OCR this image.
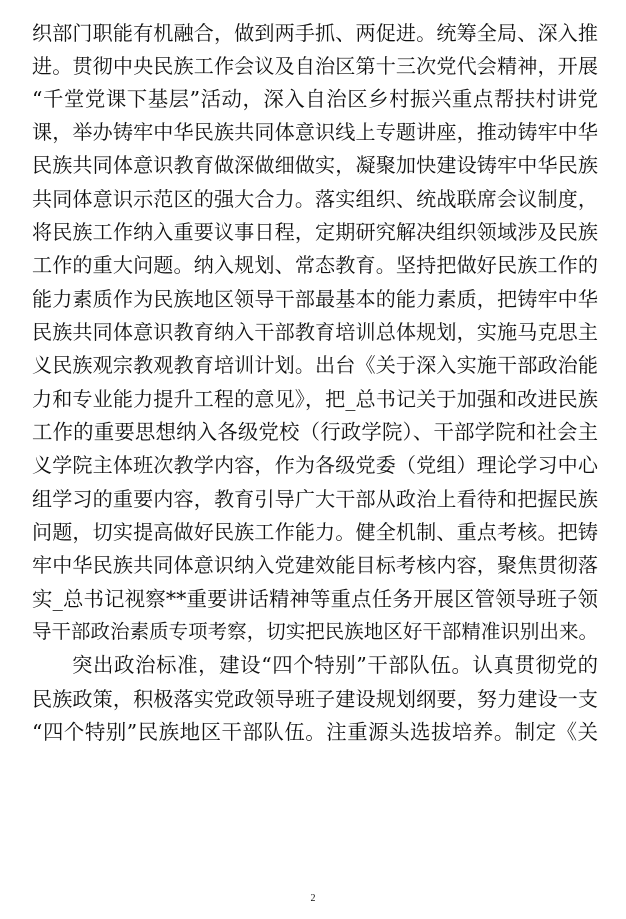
织部门职能有机融合，做到两手抓、两促进。统筹全局、深入推
进。贯彻中央民族工作会议及自治区第十三次党代会精神，开展
“千堂党课下基层”活动，深入自治区乡村振兴重点帮扶村讲党
课，举办铸牢中华民族共同体意识线上专题讲座，推动铸牢中华
民族共同体意识教育做深做细做实，凝聚加快建设铸牢中华民族
共同体意识示范区的强大合力。落实组织、统战联席会议制度，
将民族工作纳入重要议事日程，定期研究解决组织领域涉及民族
工作的重大问题。纳入规划、常态教育。坚持把做好民族工作的
能力素质作为民族地区领导干部最基本的能力素质，把铸牢中华
民族共同体意识教育纳入干部教育培训总体规划，实施马克思主
义民族观宗教观教育培训计划。出台《关于深入实施干部政治能
力和专业能力提升工程的意见》，把_总书记关于加强和改进民族
工作的重要思想纳入各级党校（行政学院）、干部学院和社会主
义学院主体班次教学内容，作为各级党委（党组）理论学习中心
组学习的重要内容，教育引导广大干部从政治上看待和把握民族
问题，切实提高做好民族工作能力。健全机制、重点考核。把铸
牢中华民族共同体意识纳入党建效能目标考核内容，聚焦贯彻落
实_总书记视察**重要讲话精神等重点任务开展区管领导班子领
导干部政治素质专项考察，切实把民族地区好干部精准识别出来。
突出政治标准，建设“四个特别”干部队伍。认真贯彻党的
民族政策，积极落实党政领导班子建设规划纲要，努力建设一支
“四个特别”民族地区干部队伍。注重源头选拔培养。制定《关
2
